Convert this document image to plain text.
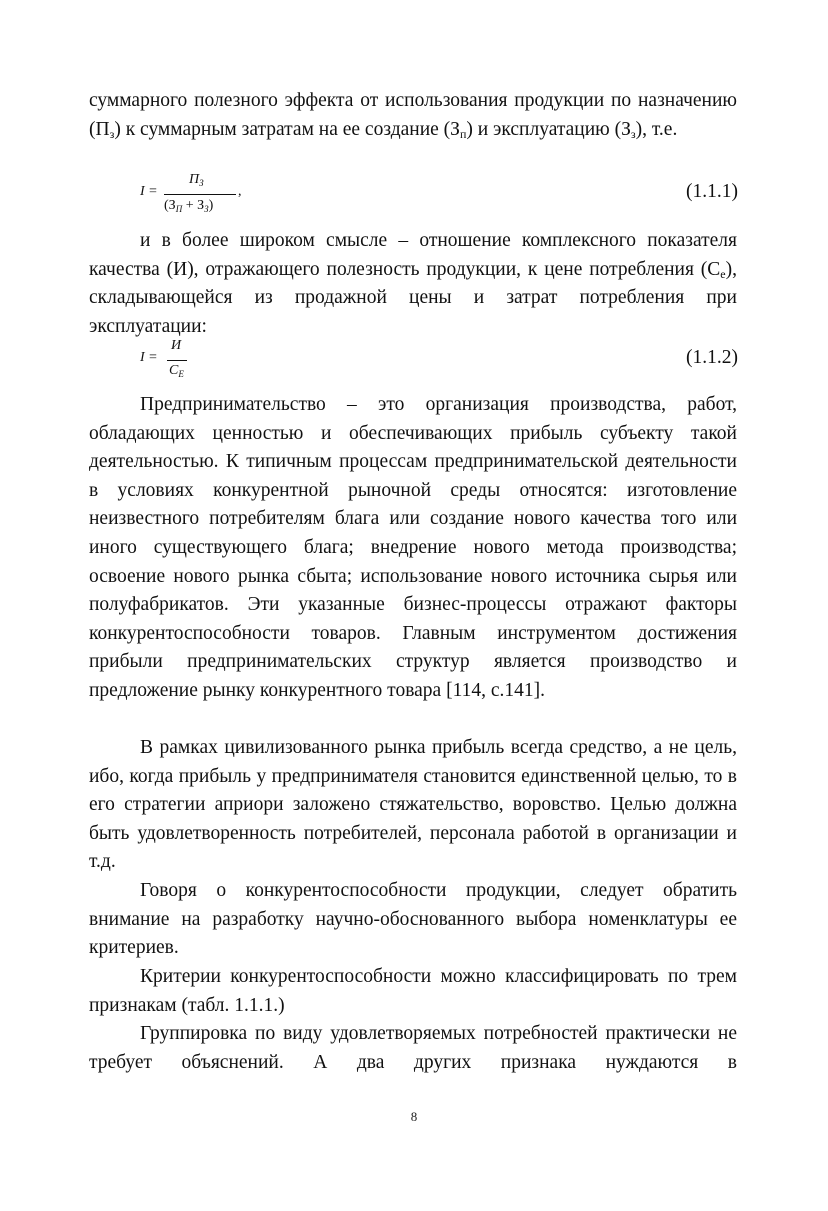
суммарного полезного эффекта от использования продукции по назначению $(П_з)$ к суммарным затратам на ее создание $(З_п)$ и эксплуатацию $(З_з)$, т.е.
I =
$П_З$
$(З_П + З_З)$
,	(1.1.1)
и в более широком смысле – отношение комплексного показателя качества (И), отражающего полезность продукции, к цене потребления $(С_е)$, складывающейся из продажной цены и затрат потребления при эксплуатации:
I =
И
$C_E$
(1.1.2)
Предпринимательство – это организация производства, работ, обладающих ценностью и обеспечивающих прибыль субъекту такой деятельностью. К типичным процессам предпринимательской деятельности в условиях конкурентной рыночной среды относятся: изготовление неизвестного потребителям блага или создание нового качества того или иного существующего блага; внедрение нового метода производства; освоение нового рынка сбыта; использование нового источника сырья или полуфабрикатов. Эти указанные бизнес-процессы отражают факторы конкурентоспособности товаров. Главным инструментом достижения прибыли предпринимательских структур является производство и предложение рынку конкурентного товара [114, с.141].
В рамках цивилизованного рынка прибыль всегда средство, а не цель, ибо, когда прибыль у предпринимателя становится единственной целью, то в его стратегии априори заложено стяжательство, воровство. Целью должна быть удовлетворенность потребителей, персонала работой в организации и т.д.
Говоря о конкурентоспособности продукции, следует обратить внимание на разработку научно-обоснованного выбора номенклатуры ее критериев.
Критерии конкурентоспособности можно классифицировать по трем признакам (табл. 1.1.1.)
Группировка по виду удовлетворяемых потребностей практически не требует объяснений. А два других признака нуждаются в
8
